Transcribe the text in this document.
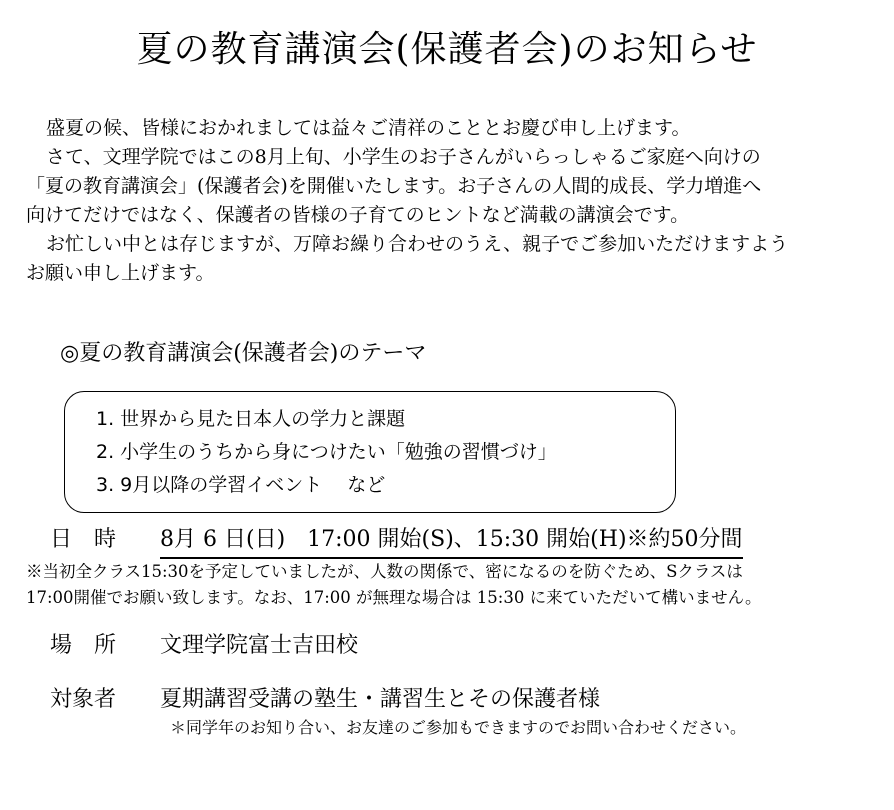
夏の教育講演会(保護者会)のお知らせ
盛夏の候、皆様におかれましては益々ご清祥のこととお慶び申し上げます。
さて、文理学院ではこの8月上旬、小学生のお子さんがいらっしゃるご家庭へ向けの
「夏の教育講演会」(保護者会)を開催いたします。お子さんの人間的成長、学力増進へ
向けてだけではなく、保護者の皆様の子育てのヒントなど満載の講演会です。
お忙しい中とは存じますが、万障お繰り合わせのうえ、親子でご参加いただけますよう
お願い申し上げます。
◎夏の教育講演会(保護者会)のテーマ
1. 世界から見た日本人の学力と課題
2. 小学生のうちから身につけたい「勉強の習慣づけ」
3. 9月以降の学習イベント　 など
日　時 8月 6 日(日)　17:00 開始(S)、15:30 開始(H)※約50分間
※当初全クラス15:30を予定していましたが、人数の関係で、密になるのを防ぐため、Sクラスは
17:00開催でお願い致します。なお、17:00 が無理な場合は 15:30 に来ていただいて構いません。
場　所 文理学院富士吉田校
対象者 夏期講習受講の塾生・講習生とその保護者様
＊同学年のお知り合い、お友達のご参加もできますのでお問い合わせください。
